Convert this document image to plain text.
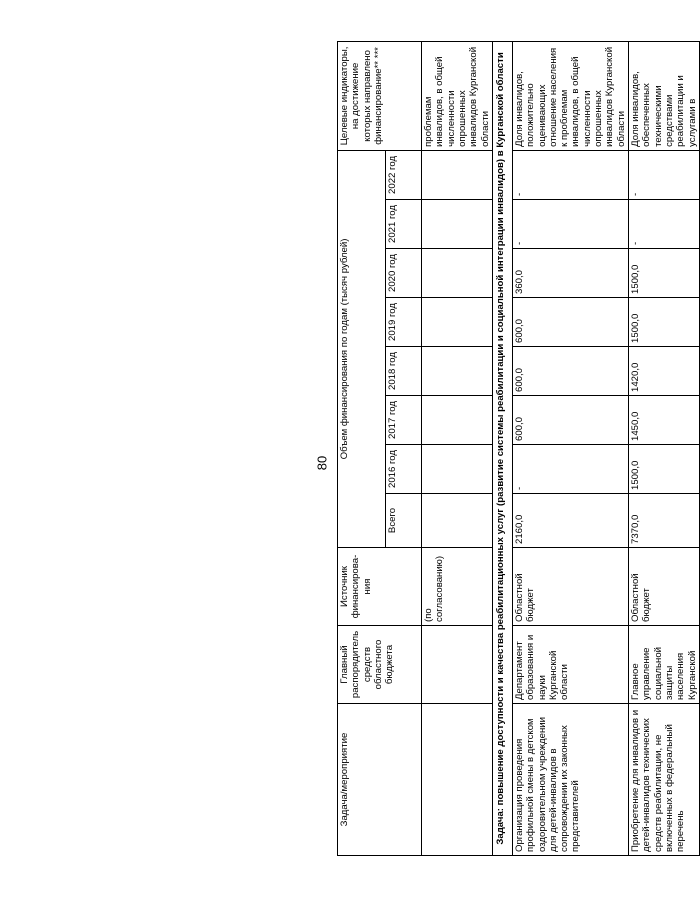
80
Задача/мероприятие	Главный распорядитель средств областного бюджета	Источник финансирова-ния	Объем финансирования по годам (тысяч рублей)								Целевые индикаторы, на достижение которых направлено финансирование** ***
			Всего	2016 год	2017 год	2018 год	2019 год	2020 год	2021 год	2022 год	
		(по согласованию)									проблемам инвалидов, в общей численности опрошенных инвалидов Курганской области
Задача: повышение доступности и качества реабилитационных услуг (развитие системы реабилитации и социальной интеграции инвалидов) в Курганской области											
Организация проведения профильной смены в детском оздоровительном учреждении для детей-инвалидов в сопровождении их законных представителей	Департамент образования и науки Курганской области	Областной бюджет	2160,0	-	600,0	600,0	600,0	360,0	-	-	Доля инвалидов, положительно оценивающих отношение населения к проблемам инвалидов, в общей численности опрошенных инвалидов Курганской области
Приобретение для инвалидов и детей-инвалидов технических средств реабилитации, не включенных в федеральный перечень	Главное управление социальной защиты населения Курганской	Областной бюджет	7370,0	1500,0	1450,0	1420,0	1500,0	1500,0	-	-	Доля инвалидов, обеспеченных техническими средствами реабилитации и услугами в
